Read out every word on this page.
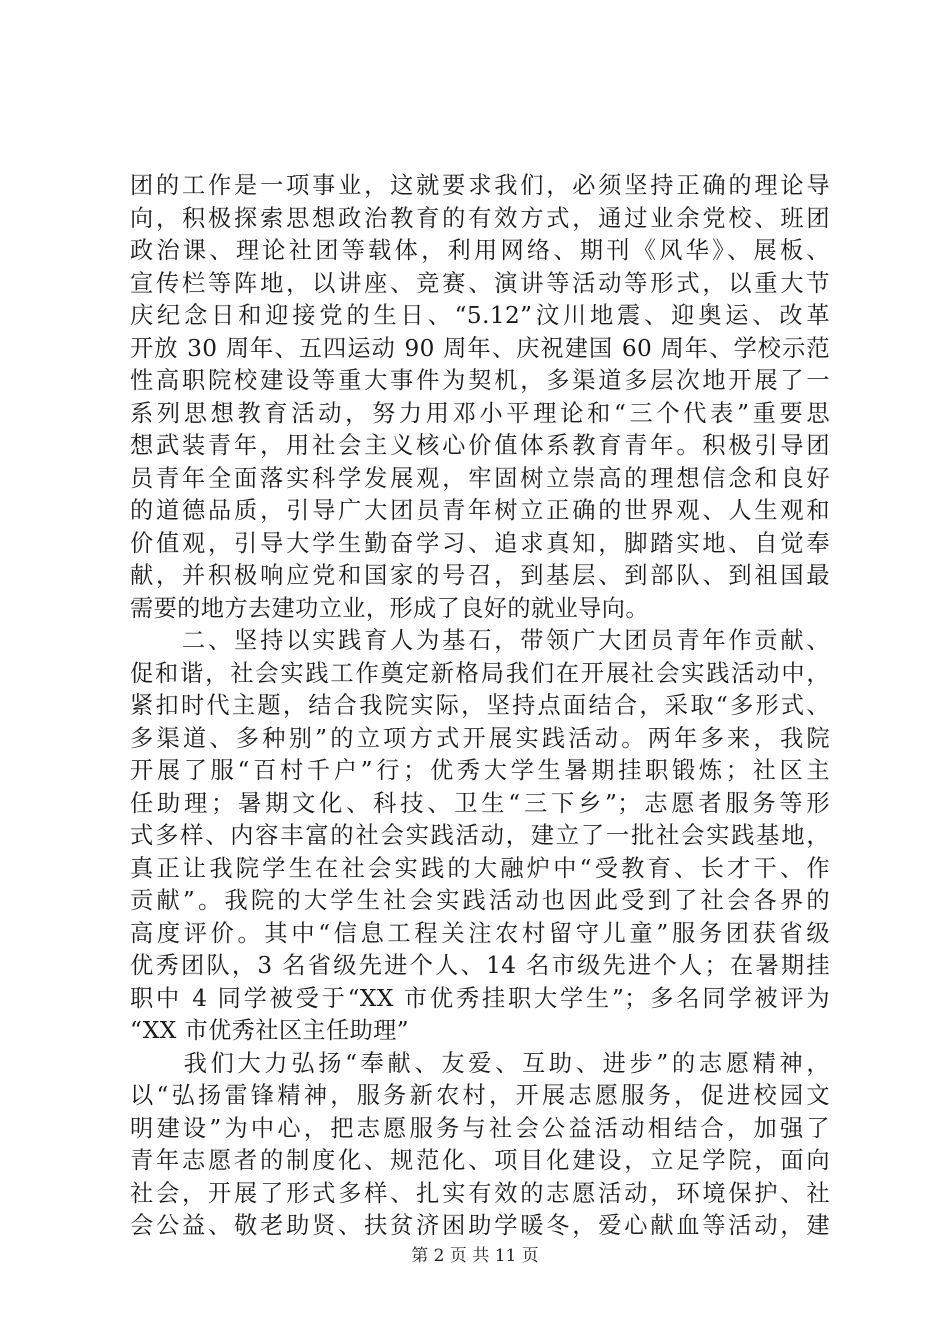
团的工作是一项事业，这就要求我们，必须坚持正确的理论导
向，积极探索思想政治教育的有效方式，通过业余党校、班团
政治课、理论社团等载体，利用网络、期刊《风华》、展板、
宣传栏等阵地，以讲座、竞赛、演讲等活动等形式，以重大节
庆纪念日和迎接党的生日、“5.12”汶川地震、迎奥运、改革
开放 30 周年、五四运动 90 周年、庆祝建国 60 周年、学校示范
性高职院校建设等重大事件为契机，多渠道多层次地开展了一
系列思想教育活动，努力用邓小平理论和“三个代表”重要思
想武装青年，用社会主义核心价值体系教育青年。积极引导团
员青年全面落实科学发展观，牢固树立崇高的理想信念和良好
的道德品质，引导广大团员青年树立正确的世界观、人生观和
价值观，引导大学生勤奋学习、追求真知，脚踏实地、自觉奉
献，并积极响应党和国家的号召，到基层、到部队、到祖国最
需要的地方去建功立业，形成了良好的就业导向。
　　二、坚持以实践育人为基石，带领广大团员青年作贡献、
促和谐，社会实践工作奠定新格局我们在开展社会实践活动中，
紧扣时代主题，结合我院实际，坚持点面结合，采取“多形式、
多渠道、多种别”的立项方式开展实践活动。两年多来，我院
开展了服“百村千户”行；优秀大学生暑期挂职锻炼；社区主
任助理；暑期文化、科技、卫生“三下乡”；志愿者服务等形
式多样、内容丰富的社会实践活动，建立了一批社会实践基地，
真正让我院学生在社会实践的大融炉中“受教育、长才干、作
贡献”。我院的大学生社会实践活动也因此受到了社会各界的
高度评价。其中“信息工程关注农村留守儿童”服务团获省级
优秀团队，3 名省级先进个人、14 名市级先进个人；在暑期挂
职中 4 同学被受于“XX 市优秀挂职大学生”；多名同学被评为
“XX 市优秀社区主任助理”
　　我们大力弘扬“奉献、友爱、互助、进步”的志愿精神，
以“弘扬雷锋精神，服务新农村，开展志愿服务，促进校园文
明建设”为中心，把志愿服务与社会公益活动相结合，加强了
青年志愿者的制度化、规范化、项目化建设，立足学院，面向
社会，开展了形式多样、扎实有效的志愿活动，环境保护、社
会公益、敬老助贤、扶贫济困助学暖冬，爱心献血等活动，建
第 2 页 共 11 页
